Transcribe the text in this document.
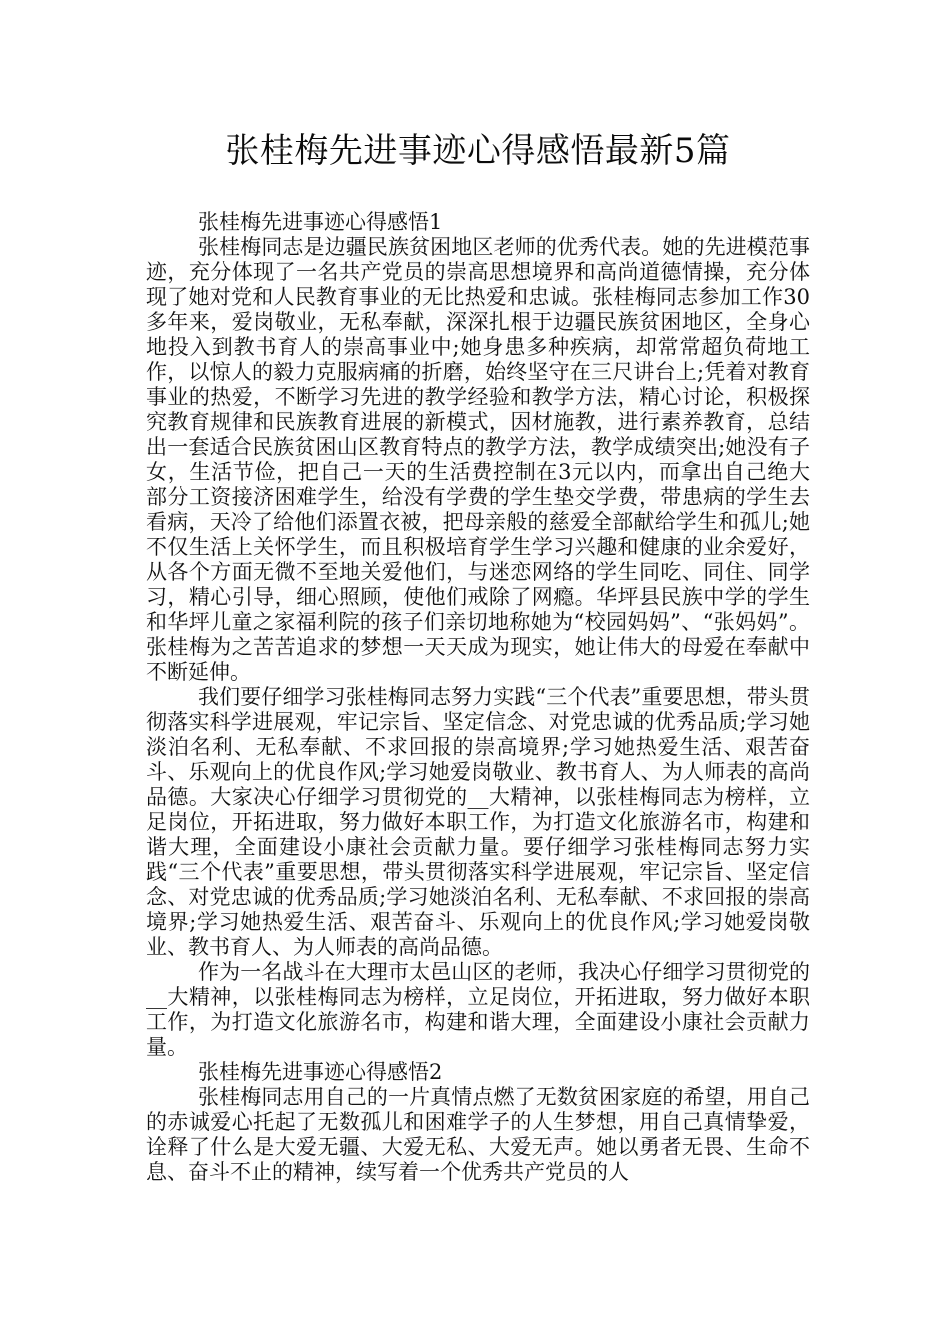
张桂梅先进事迹心得感悟最新5篇
张桂梅先进事迹心得感悟1

张桂梅同志是边疆民族贫困地区老师的优秀代表。她的先进模范事迹，充分体现了一名共产党员的崇高思想境界和高尚道德情操，充分体现了她对党和人民教育事业的无比热爱和忠诚。张桂梅同志参加工作30多年来，爱岗敬业，无私奉献，深深扎根于边疆民族贫困地区，全身心地投入到教书育人的崇高事业中;她身患多种疾病，却常常超负荷地工作，以惊人的毅力克服病痛的折磨，始终坚守在三尺讲台上;凭着对教育事业的热爱，不断学习先进的教学经验和教学方法，精心讨论，积极探究教育规律和民族教育进展的新模式，因材施教，进行素养教育，总结出一套适合民族贫困山区教育特点的教学方法，教学成绩突出;她没有子女，生活节俭，把自己一天的生活费控制在3元以内，而拿出自己绝大部分工资接济困难学生，给没有学费的学生垫交学费，带患病的学生去看病，天冷了给他们添置衣被，把母亲般的慈爱全部献给学生和孤儿;她不仅生活上关怀学生，而且积极培育学生学习兴趣和健康的业余爱好，从各个方面无微不至地关爱他们，与迷恋网络的学生同吃、同住、同学习，精心引导，细心照顾，使他们戒除了网瘾。华坪县民族中学的学生和华坪儿童之家福利院的孩子们亲切地称她为“校园妈妈”、“张妈妈”。张桂梅为之苦苦追求的梦想一天天成为现实，她让伟大的母爱在奉献中不断延伸。

我们要仔细学习张桂梅同志努力实践“三个代表”重要思想，带头贯彻落实科学进展观，牢记宗旨、坚定信念、对党忠诚的优秀品质;学习她淡泊名利、无私奉献、不求回报的崇高境界;学习她热爱生活、艰苦奋斗、乐观向上的优良作风;学习她爱岗敬业、教书育人、为人师表的高尚品德。大家决心仔细学习贯彻党的__大精神，以张桂梅同志为榜样，立足岗位，开拓进取，努力做好本职工作，为打造文化旅游名市，构建和谐大理，全面建设小康社会贡献力量。要仔细学习张桂梅同志努力实践“三个代表”重要思想，带头贯彻落实科学进展观，牢记宗旨、坚定信念、对党忠诚的优秀品质;学习她淡泊名利、无私奉献、不求回报的崇高境界;学习她热爱生活、艰苦奋斗、乐观向上的优良作风;学习她爱岗敬业、教书育人、为人师表的高尚品德。

作为一名战斗在大理市太邑山区的老师，我决心仔细学习贯彻党的__大精神，以张桂梅同志为榜样，立足岗位，开拓进取，努力做好本职工作，为打造文化旅游名市，构建和谐大理，全面建设小康社会贡献力量。

张桂梅先进事迹心得感悟2

张桂梅同志用自己的一片真情点燃了无数贫困家庭的希望，用自己的赤诚爱心托起了无数孤儿和困难学子的人生梦想，用自己真情挚爱，诠释了什么是大爱无疆、大爱无私、大爱无声。她以勇者无畏、生命不息、奋斗不止的精神，续写着一个优秀共产党员的人
